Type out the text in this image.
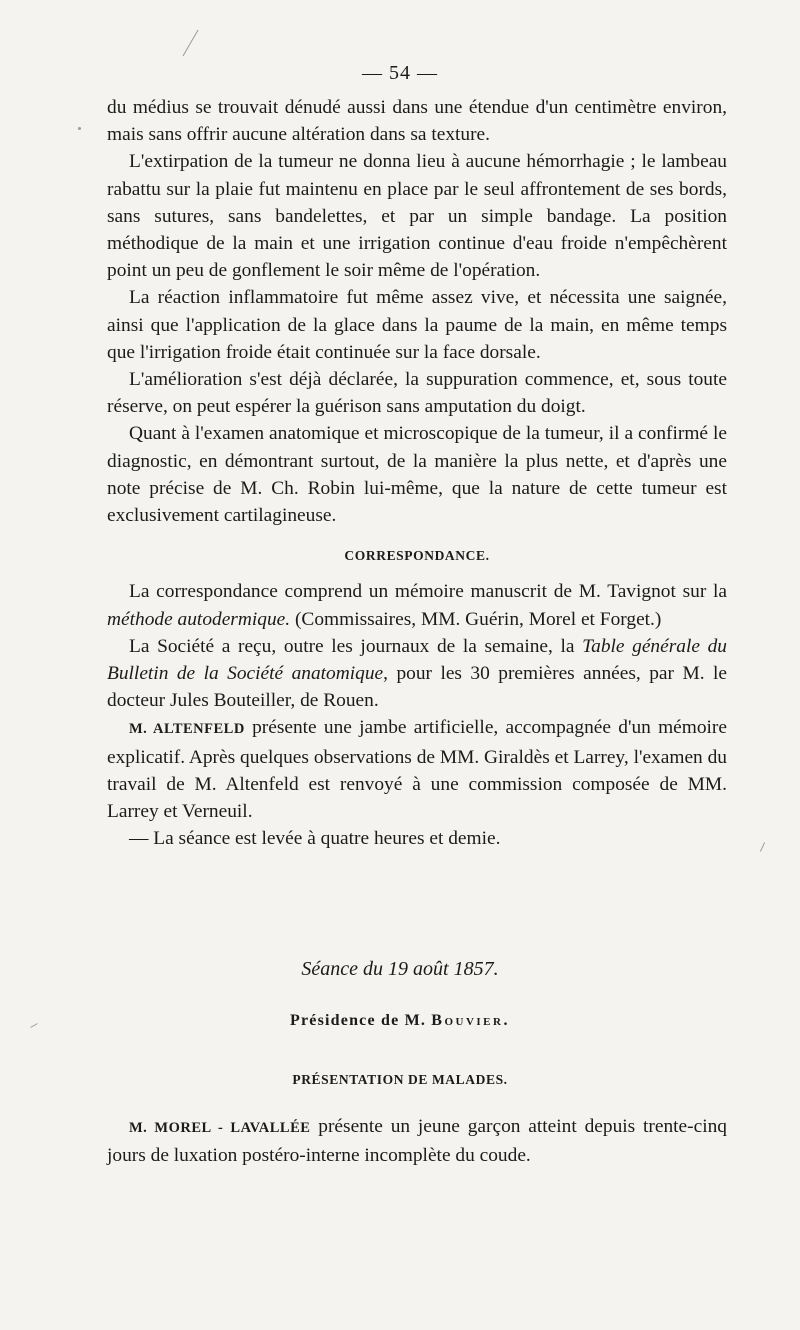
— 54 —

du médius se trouvait dénudé aussi dans une étendue d'un centimètre environ, mais sans offrir aucune altération dans sa texture.

L'extirpation de la tumeur ne donna lieu à aucune hémorrhagie ; le lambeau rabattu sur la plaie fut maintenu en place par le seul affrontement de ses bords, sans sutures, sans bandelettes, et par un simple bandage. La position méthodique de la main et une irrigation continue d'eau froide n'empêchèrent point un peu de gonflement le soir même de l'opération.

La réaction inflammatoire fut même assez vive, et nécessita une saignée, ainsi que l'application de la glace dans la paume de la main, en même temps que l'irrigation froide était continuée sur la face dorsale.

L'amélioration s'est déjà déclarée, la suppuration commence, et, sous toute réserve, on peut espérer la guérison sans amputation du doigt.

Quant à l'examen anatomique et microscopique de la tumeur, il a confirmé le diagnostic, en démontrant surtout, de la manière la plus nette, et d'après une note précise de M. Ch. Robin lui-même, que la nature de cette tumeur est exclusivement cartilagineuse.

CORRESPONDANCE.

La correspondance comprend un mémoire manuscrit de M. Tavignot sur la méthode autodermique. (Commissaires, MM. Guérin, Morel et Forget.)

La Société a reçu, outre les journaux de la semaine, la Table générale du Bulletin de la Société anatomique, pour les 30 premières années, par M. le docteur Jules Bouteiller, de Rouen.

M. ALTENFELD présente une jambe artificielle, accompagnée d'un mémoire explicatif. Après quelques observations de MM. Giraldès et Larrey, l'examen du travail de M. Altenfeld est renvoyé à une commission composée de MM. Larrey et Verneuil.

— La séance est levée à quatre heures et demie.

Séance du 19 août 1857.
Présidence de M. Bouvier.
PRÉSENTATION DE MALADES.

M. MOREL - LAVALLÉE présente un jeune garçon atteint depuis trente-cinq jours de luxation postéro-interne incomplète du coude.
